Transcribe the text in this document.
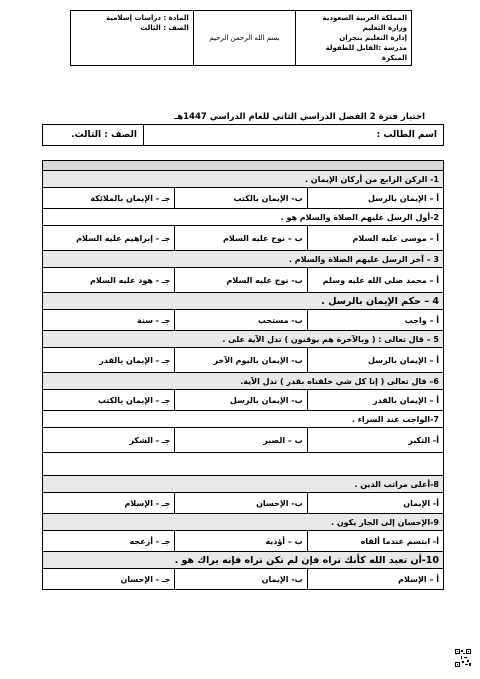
المملكة العربية السعودية
وزارة التعليم
إدارة التعليم بنجران
مدرسة :القابل للطفولة المبكرة

بسم الله الرحمن الرحيم

المادة : دراسات إسلامية
الصف : الثالث
اختبار فترة 2 الفصل الدراسي الثاني للعام الدراسي 1447هـ
اسم الطالب :
الصف : الثالث.

1- الركن الرابع من أركان الإيمان .		
أ – الإيمان بالرسل	ب- الإيمان بالكتب	جـ - الإيمان بالملائكة
2-أول الرسل عليهم الصلاة والسلام هو .		
أ – موسى عليه السلام	ب – نوح عليه السلام	جـ - إبراهيم عليه السلام
3 – آخر الرسل عليهم الصلاة والسلام .		
أ – محمد صلى الله عليه وسلم	ب- نوح عليه السلام	جـ - هود عليه السلام
4 – حكم الإيمان بالرسل .		
أ – واجب	ب- مستحب	جـ - سنة
5 – قال تعالى : ( وبالآخرة هم يوقنون ) تدل الآية على .		
أ – الإيمان بالرسل	ب- الإيمان باليوم الآخر	جـ - الإيمان بالقدر
6– قال تعالى ( إنا كل شي خلقناه بقدر ) تدل الآية.		
أ – الإيمان بالقدر	ب- الإيمان بالرسل	جـ - الإيمان بالكتب
7-الواجب عند السراء .		
أ- التكبر	ب – الصبر	جـ - الشكر

8-أعلى مراتب الدين .		
أ- الإيمان	ب- الإحسان	جـ - الإسلام
9-الإحسان إلى الجار يكون .		
أ- ابتسم عندما ألقاه	ب – أؤذيه	جـ - أزعجه
10-أن تعبد الله كأنك تراه فإن لم تكن تراه فإنه يراك هو .		
أ – الإسلام	ب- الإيمان	جـ - الإحسان
